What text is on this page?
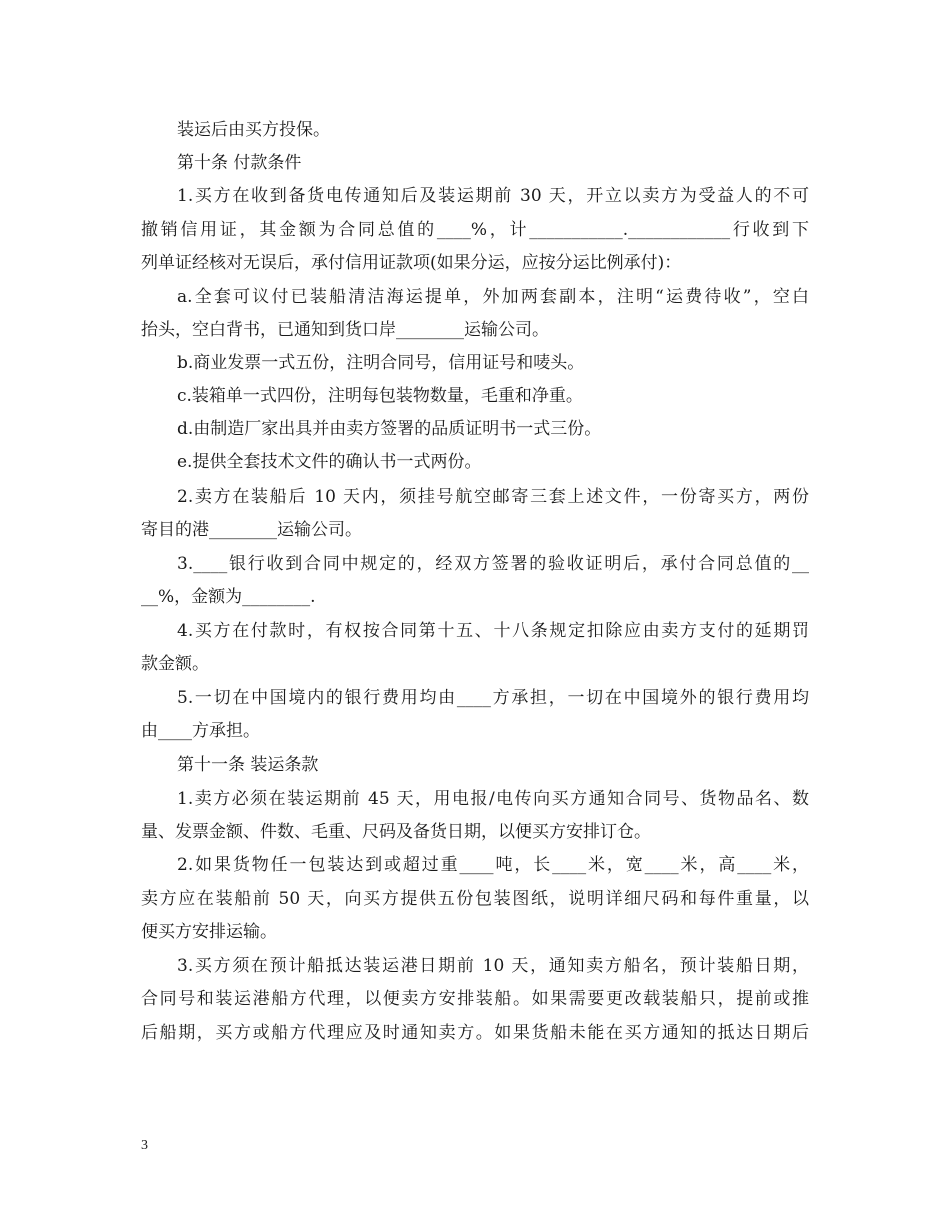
装运后由买方投保。
第十条 付款条件
1.买方在收到备货电传通知后及装运期前 30 天，开立以卖方为受益人的不可
撤销信用证，其金额为合同总值的____%，计___________.____________行收到下
列单证经核对无误后，承付信用证款项(如果分运，应按分运比例承付)：
a.全套可议付已装船清洁海运提单，外加两套副本，注明“运费待收”，空白
抬头，空白背书，已通知到货口岸________运输公司。
b.商业发票一式五份，注明合同号，信用证号和唛头。
c.装箱单一式四份，注明每包装物数量，毛重和净重。
d.由制造厂家出具并由卖方签署的品质证明书一式三份。
e.提供全套技术文件的确认书一式两份。
2.卖方在装船后 10 天内，须挂号航空邮寄三套上述文件，一份寄买方，两份
寄目的港________运输公司。
3.____银行收到合同中规定的，经双方签署的验收证明后，承付合同总值的__
__%，金额为________.
4.买方在付款时，有权按合同第十五、十八条规定扣除应由卖方支付的延期罚
款金额。
5.一切在中国境内的银行费用均由____方承担，一切在中国境外的银行费用均
由____方承担。
第十一条 装运条款
1.卖方必须在装运期前 45 天，用电报/电传向买方通知合同号、货物品名、数
量、发票金额、件数、毛重、尺码及备货日期，以便买方安排订仓。
2.如果货物任一包装达到或超过重____吨，长____米，宽____米，高____米，
卖方应在装船前 50 天，向买方提供五份包装图纸，说明详细尺码和每件重量，以
便买方安排运输。
3.买方须在预计船抵达装运港日期前 10 天，通知卖方船名，预计装船日期，
合同号和装运港船方代理，以便卖方安排装船。如果需要更改载装船只，提前或推
后船期，买方或船方代理应及时通知卖方。如果货船未能在买方通知的抵达日期后
3
